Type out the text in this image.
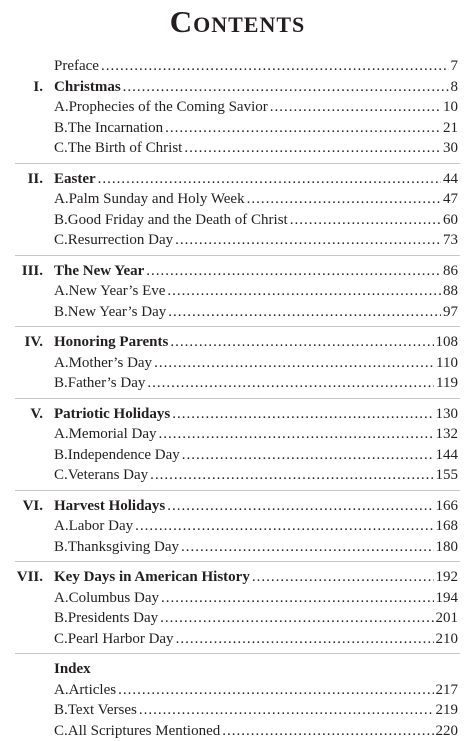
Contents
Preface .....	7
I. Christmas .....	8
A. Prophecies of the Coming Savior .....	10
B. The Incarnation .....	21
C. The Birth of Christ .....	30
II. Easter .....	44
A. Palm Sunday and Holy Week .....	47
B. Good Friday and the Death of Christ .....	60
C. Resurrection Day .....	73
III. The New Year .....	86
A. New Year’s Eve .....	88
B. New Year’s Day .....	97
IV. Honoring Parents .....	108
A. Mother’s Day .....	110
B. Father’s Day .....	119
V. Patriotic Holidays .....	130
A. Memorial Day .....	132
B. Independence Day .....	144
C. Veterans Day .....	155
VI. Harvest Holidays .....	166
A. Labor Day .....	168
B. Thanksgiving Day .....	180
VII. Key Days in American History .....	192
A. Columbus Day .....	194
B. Presidents Day .....	201
C. Pearl Harbor Day .....	210
Index
A. Articles .....	217
B. Text Verses .....	219
C. All Scriptures Mentioned .....	220
